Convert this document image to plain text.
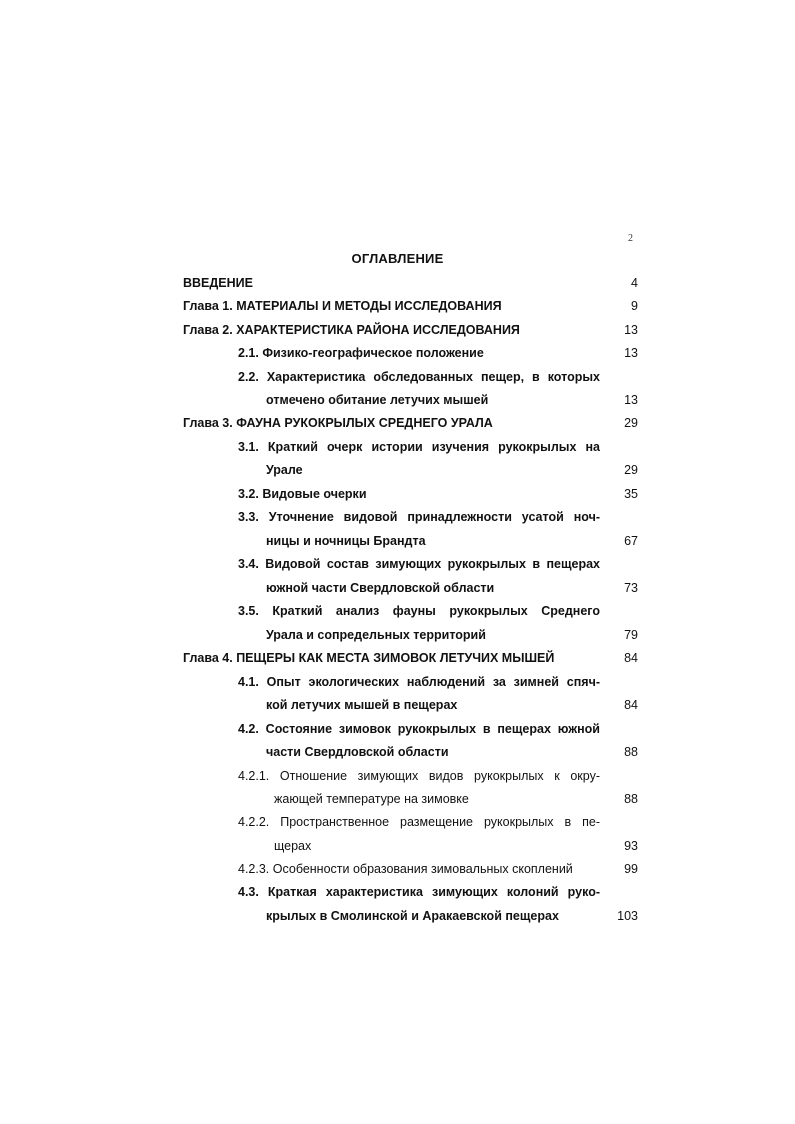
2
ОГЛАВЛЕНИЕ
ВВЕДЕНИЕ	4
Глава 1. МАТЕРИАЛЫ И МЕТОДЫ ИССЛЕДОВАНИЯ	9
Глава 2. ХАРАКТЕРИСТИКА РАЙОНА ИССЛЕДОВАНИЯ	13
2.1. Физико-географическое положение	13
2.2. Характеристика обследованных пещер, в которых
отмечено обитание летучих мышей	13
Глава 3. ФАУНА РУКОКРЫЛЫХ СРЕДНЕГО УРАЛА	29
3.1. Краткий очерк истории изучения рукокрылых на
Урале	29
3.2. Видовые очерки	35
3.3. Уточнение видовой принадлежности усатой ноч-
ницы и ночницы Брандта	67
3.4. Видовой состав зимующих рукокрылых в пещерах
южной части Свердловской области	73
3.5. Краткий анализ фауны рукокрылых Среднего
Урала и сопредельных территорий	79
Глава 4. ПЕЩЕРЫ КАК МЕСТА ЗИМОВОК ЛЕТУЧИХ МЫШЕЙ	84
4.1. Опыт экологических наблюдений за зимней спяч-
кой летучих мышей в пещерах	84
4.2. Состояние зимовок рукокрылых в пещерах южной
части Свердловской области	88
4.2.1. Отношение зимующих видов рукокрылых к окру-
жающей температуре на зимовке	88
4.2.2. Пространственное размещение рукокрылых в пе-
щерах	93
4.2.3. Особенности образования зимовальных скоплений	99
4.3. Краткая характеристика зимующих колоний руко-
крылых в Смолинской и Аракаевской пещерах	103
